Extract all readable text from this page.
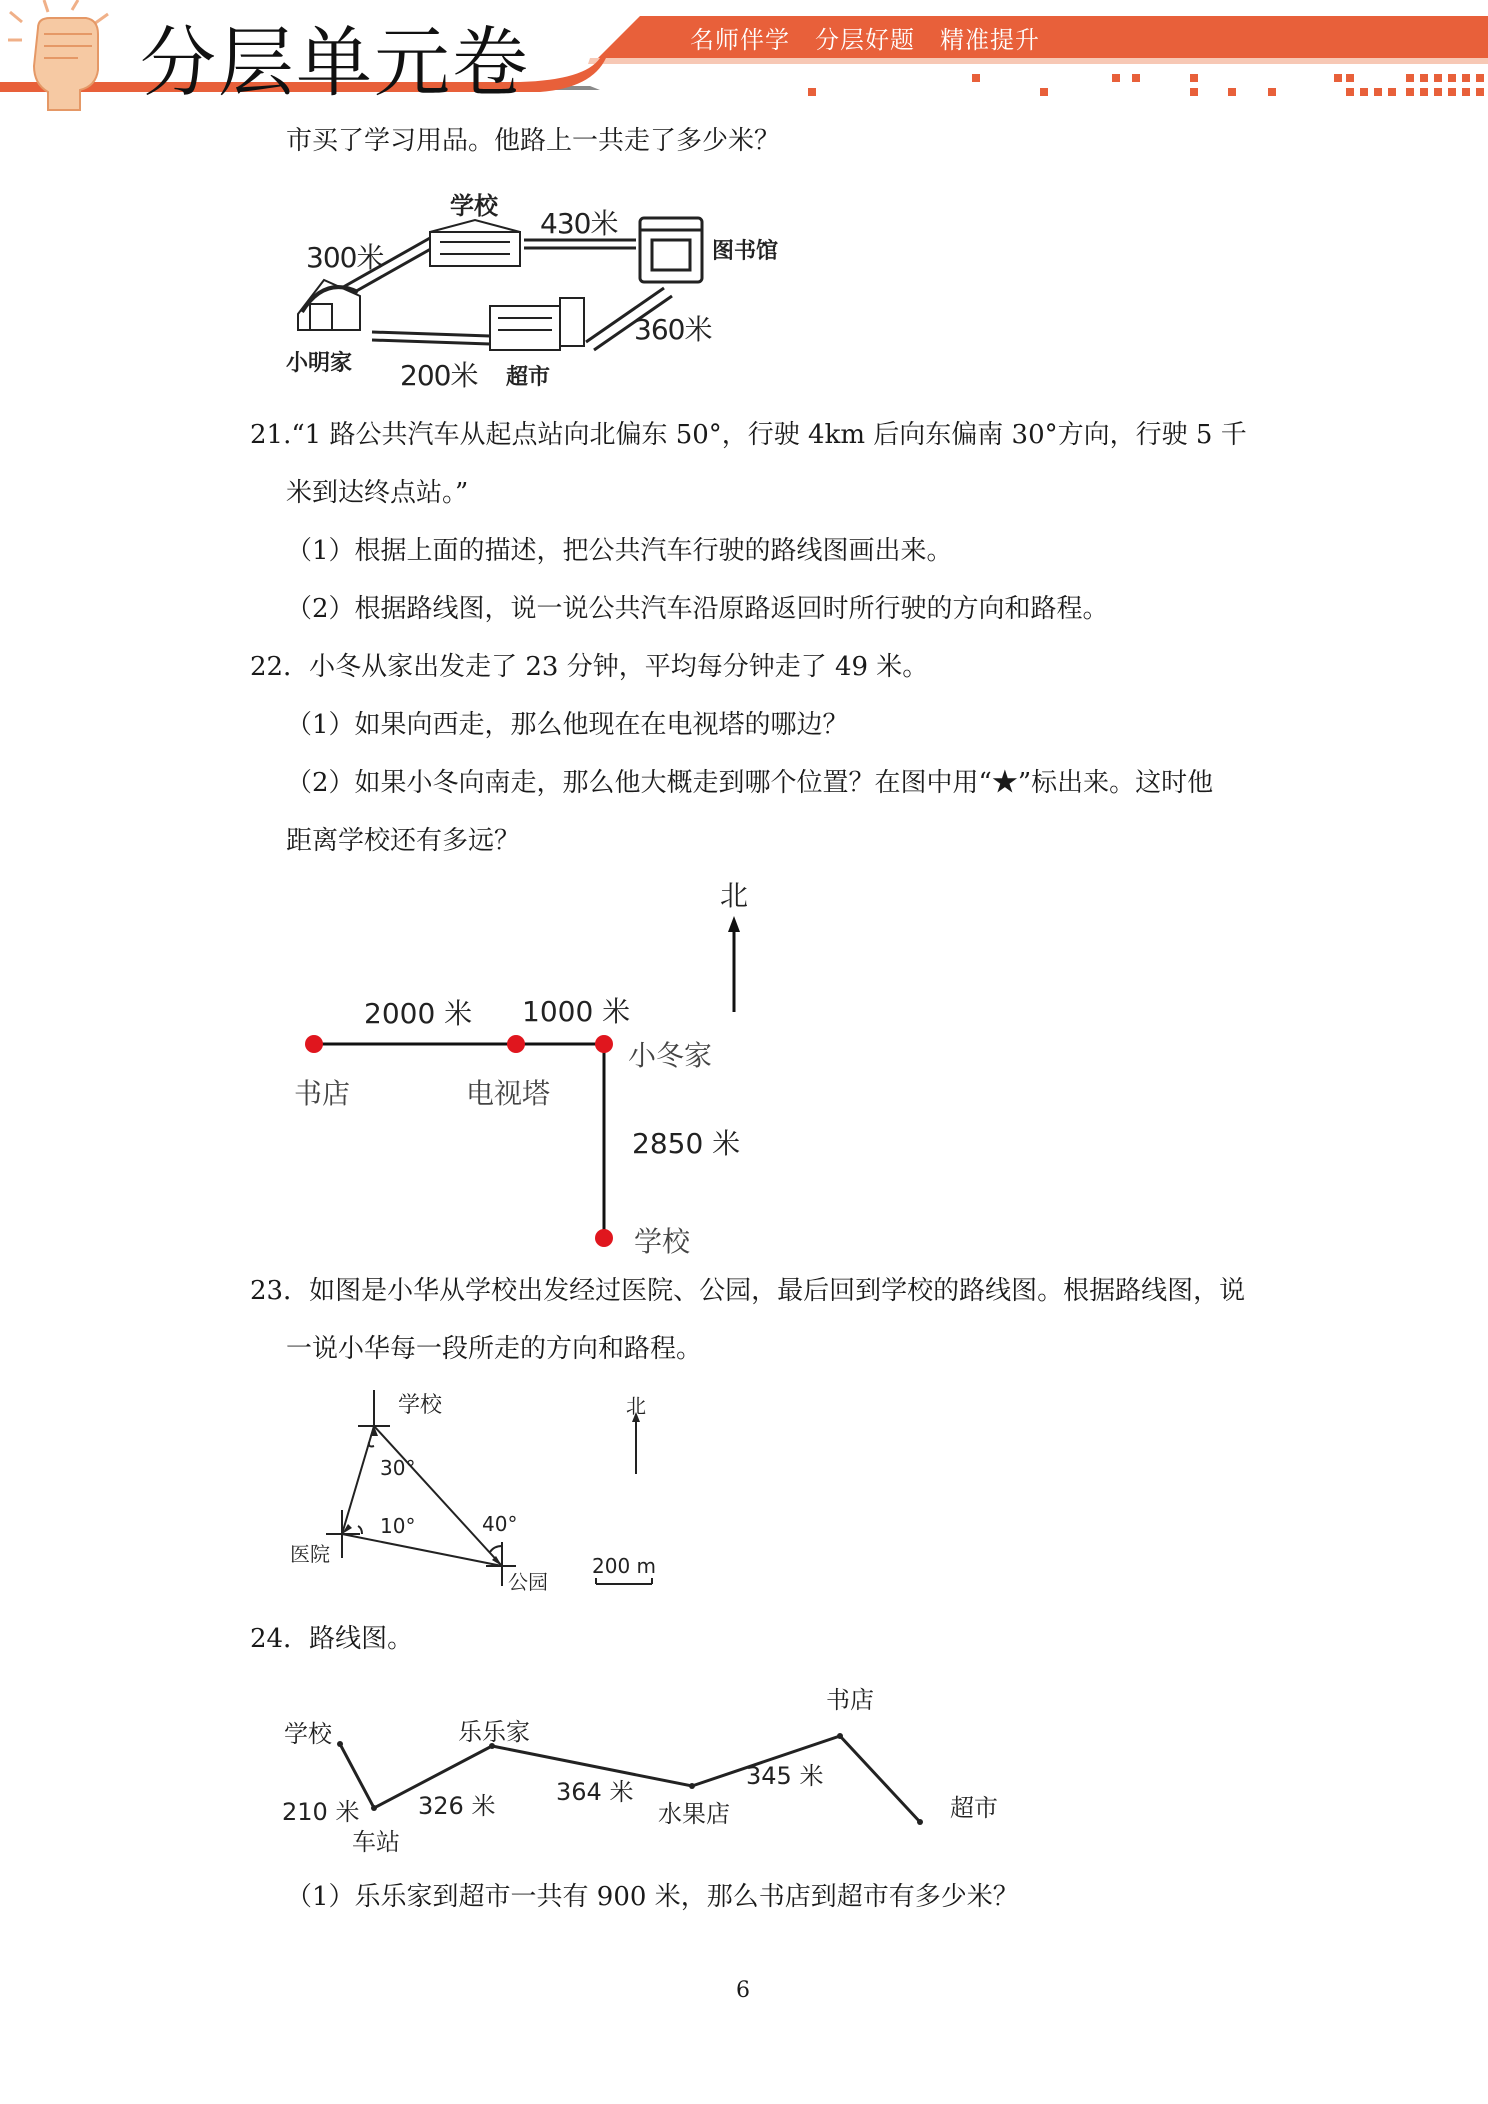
分层单元卷	名师伴学　分层好题　精准提升
市买了学习用品。他路上一共走了多少米？
学校
图书馆
小明家
超市
300米
430米
360米
200米
21.“1 路公共汽车从起点站向北偏东 50°，行驶 4km 后向东偏南 30°方向，行驶 5 千
米到达终点站。”
（1）根据上面的描述，把公共汽车行驶的路线图画出来。
（2）根据路线图，说一说公共汽车沿原路返回时所行驶的方向和路程。
22．小冬从家出发走了 23 分钟，平均每分钟走了 49 米。
（1）如果向西走，那么他现在在电视塔的哪边？
（2）如果小冬向南走，那么他大概走到哪个位置？在图中用“★”标出来。这时他
距离学校还有多远？
北
2000 米 1000 米
小冬家
书店	电视塔
2850 米
学校
23．如图是小华从学校出发经过医院、公园，最后回到学校的路线图。根据路线图，说
一说小华每一段所走的方向和路程。
学校	北
30°
10°	40°
医院
公园
200 m
24．路线图。
学校	乐乐家
书店
210 米 326 米	364 米
345 米
车站
水果店	超市
（1）乐乐家到超市一共有 900 米，那么书店到超市有多少米？
6
